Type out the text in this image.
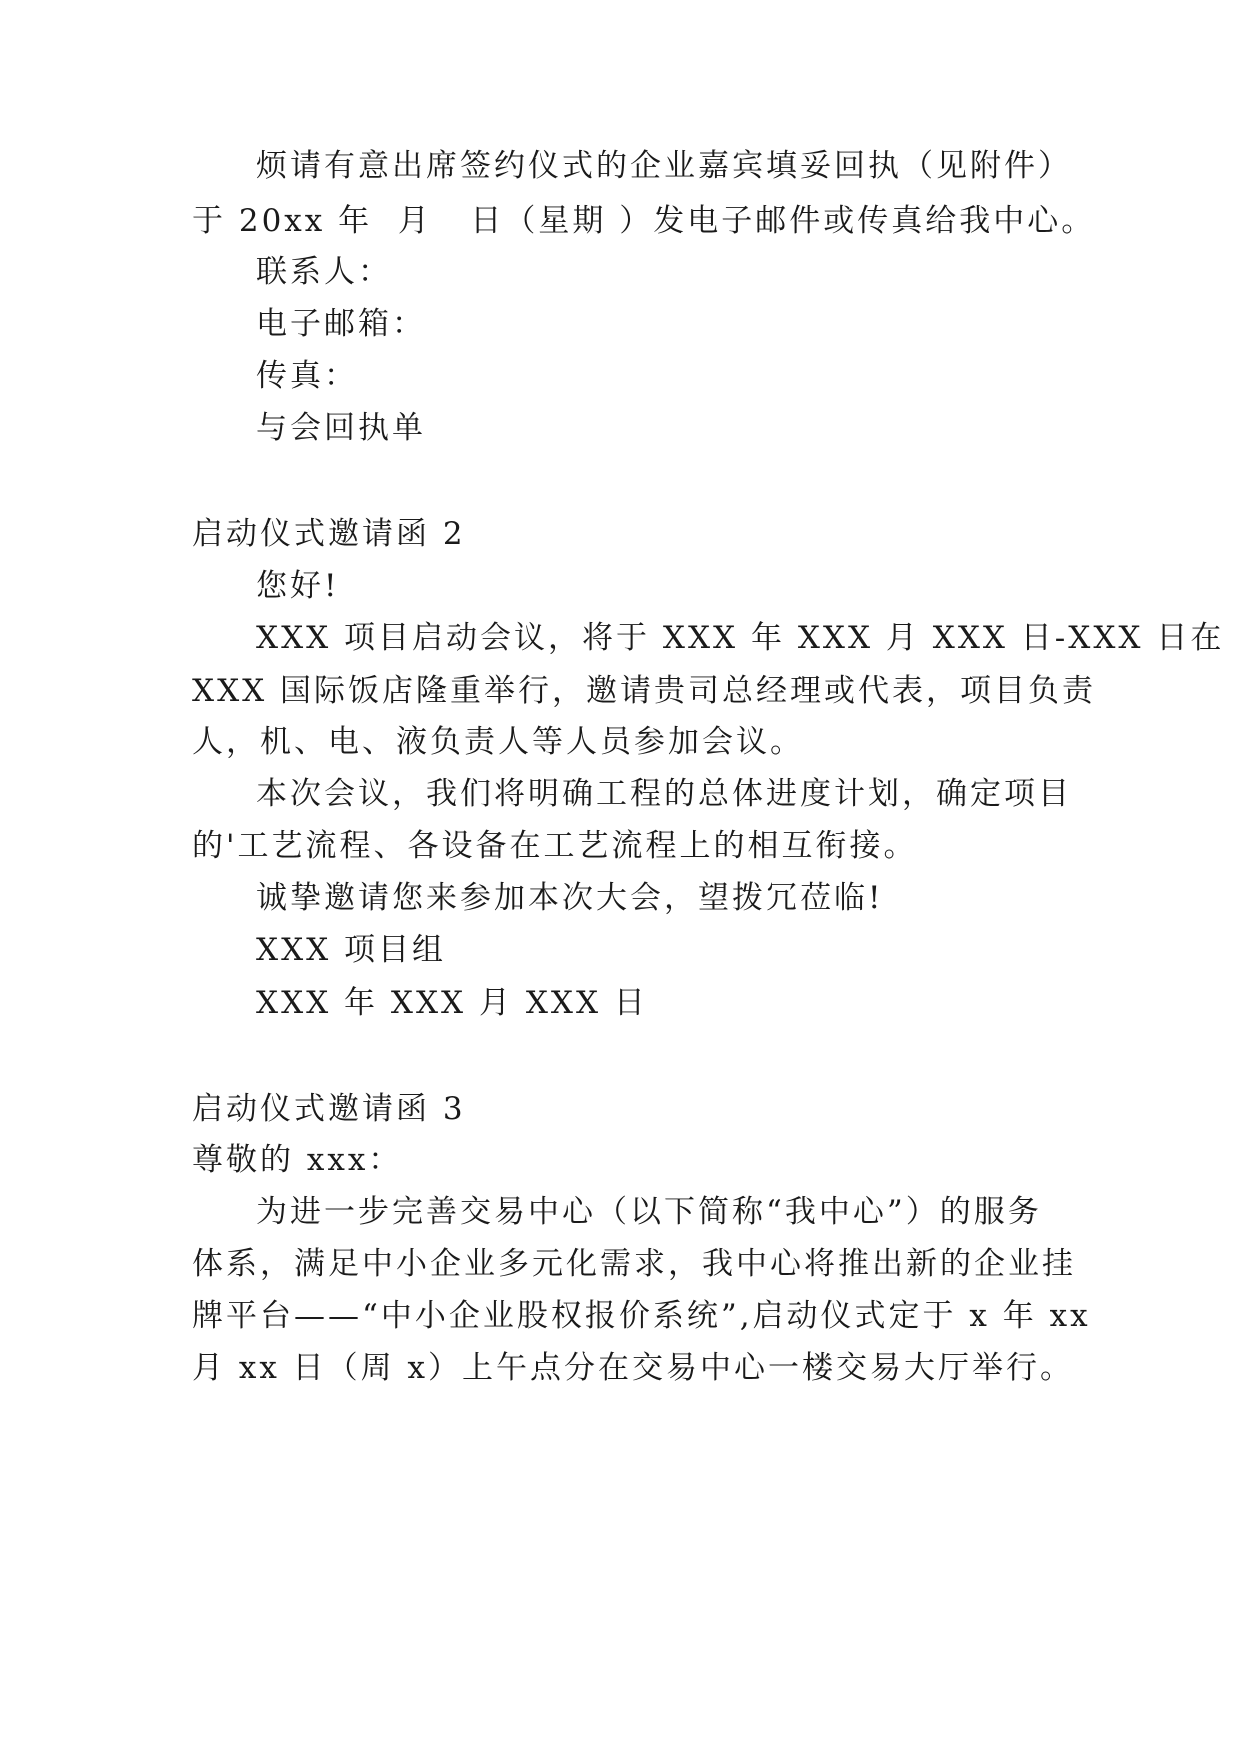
烦请有意出席签约仪式的企业嘉宾填妥回执（见附件）
于 20xx 年  月   日（星期 ）发电子邮件或传真给我中心。
联系人：
电子邮箱：
传真：
与会回执单
启动仪式邀请函 2
您好!
XXX 项目启动会议，将于 XXX 年 XXX 月 XXX 日-XXX 日在
XXX 国际饭店隆重举行，邀请贵司总经理或代表，项目负责
人，机、电、液负责人等人员参加会议。
本次会议，我们将明确工程的总体进度计划，确定项目
的'工艺流程、各设备在工艺流程上的相互衔接。
诚挚邀请您来参加本次大会，望拨冗莅临!
XXX 项目组
XXX 年 XXX 月 XXX 日
启动仪式邀请函 3
尊敬的 xxx：
为进一步完善交易中心（以下简称“我中心”）的服务
体系，满足中小企业多元化需求，我中心将推出新的企业挂
牌平台——“中小企业股权报价系统”,启动仪式定于 x 年 xx
月 xx 日（周 x）上午点分在交易中心一楼交易大厅举行。
